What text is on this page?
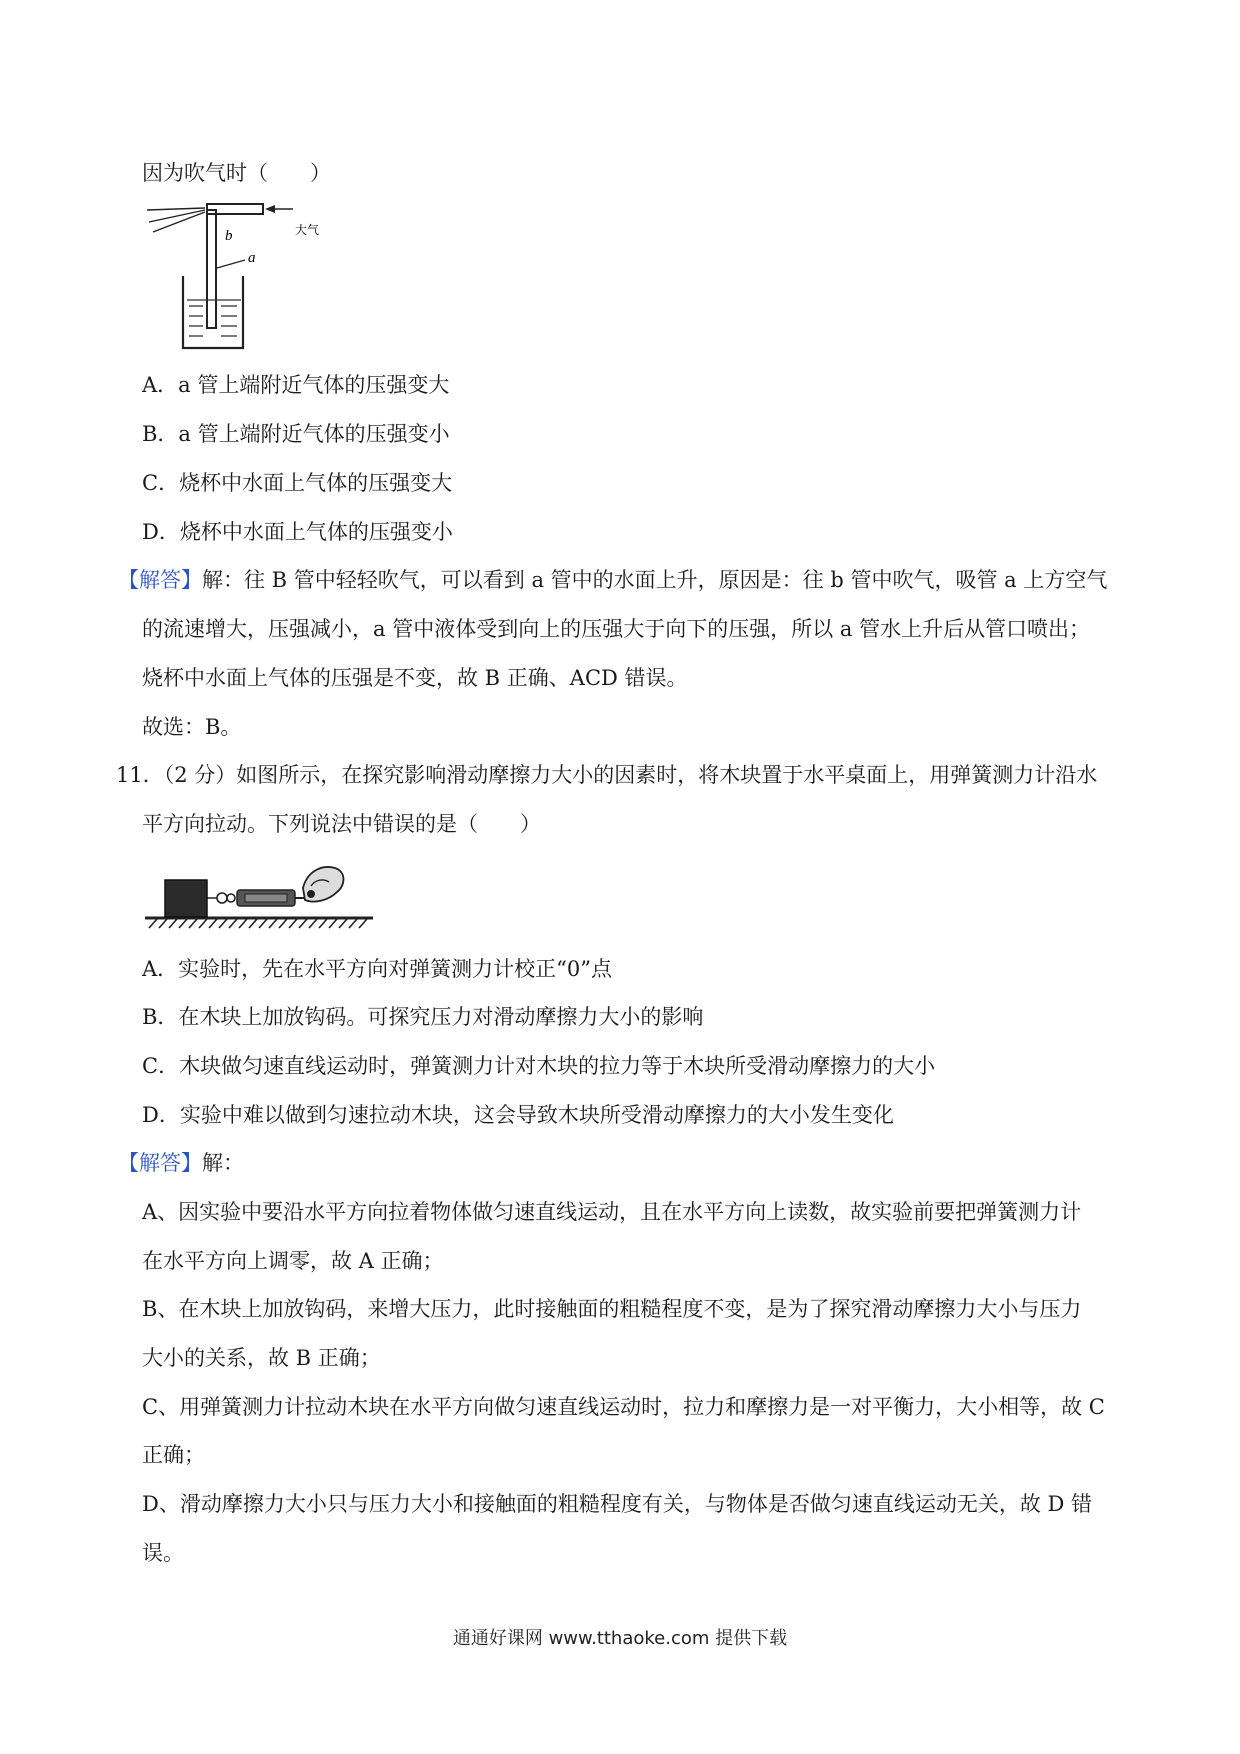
因为吹气时（　　）
b
a
大气
A．a 管上端附近气体的压强变大
B．a 管上端附近气体的压强变小
C．烧杯中水面上气体的压强变大
D．烧杯中水面上气体的压强变小
【解答】解：往 B 管中轻轻吹气，可以看到 a 管中的水面上升，原因是：往 b 管中吹气，吸管 a 上方空气
的流速增大，压强减小，a 管中液体受到向上的压强大于向下的压强，所以 a 管水上升后从管口喷出；
烧杯中水面上气体的压强是不变，故 B 正确、ACD 错误。
故选：B。
11．（2 分）如图所示，在探究影响滑动摩擦力大小的因素时，将木块置于水平桌面上，用弹簧测力计沿水
平方向拉动。下列说法中错误的是（　　）
A．实验时，先在水平方向对弹簧测力计校正“0”点
B．在木块上加放钩码。可探究压力对滑动摩擦力大小的影响
C．木块做匀速直线运动时，弹簧测力计对木块的拉力等于木块所受滑动摩擦力的大小
D．实验中难以做到匀速拉动木块，这会导致木块所受滑动摩擦力的大小发生变化
【解答】解：
A、因实验中要沿水平方向拉着物体做匀速直线运动，且在水平方向上读数，故实验前要把弹簧测力计
在水平方向上调零，故 A 正确；
B、在木块上加放钩码，来增大压力，此时接触面的粗糙程度不变，是为了探究滑动摩擦力大小与压力
大小的关系，故 B 正确；
C、用弹簧测力计拉动木块在水平方向做匀速直线运动时，拉力和摩擦力是一对平衡力，大小相等，故 C
正确；
D、滑动摩擦力大小只与压力大小和接触面的粗糙程度有关，与物体是否做匀速直线运动无关，故 D 错
误。
通通好课网 www.tthaoke.com 提供下载
